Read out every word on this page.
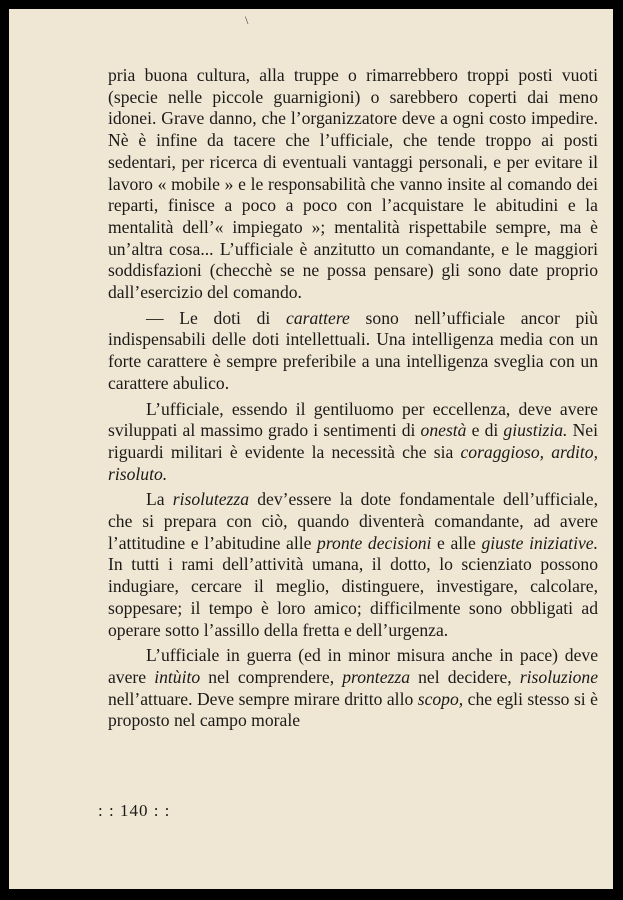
\

pria buona cultura, alla truppe o rimarrebbero troppi posti vuoti (specie nelle piccole guarnigioni) o sarebbero coperti dai meno idonei. Grave danno, che l’organizzatore deve a ogni costo impedire. Nè è infine da tacere che l’ufficiale, che tende troppo ai posti sedentari, per ricerca di eventuali vantaggi personali, e per evitare il lavoro « mobile » e le responsabilità che vanno insite al comando dei reparti, finisce a poco a poco con l’acquistare le abitudini e la mentalità dell’« impiegato »; mentalità rispettabile sempre, ma è un’altra cosa... L’ufficiale è anzitutto un comandante, e le maggiori soddisfazioni (checchè se ne possa pensare) gli sono date proprio dall’esercizio del comando.

— Le doti di carattere sono nell’ufficiale ancor più indispensabili delle doti intellettuali. Una intelligenza media con un forte carattere è sempre preferibile a una intelligenza sveglia con un carattere abulico.

L’ufficiale, essendo il gentiluomo per eccellenza, deve avere sviluppati al massimo grado i sentimenti di onestà e di giustizia. Nei riguardi militari è evidente la necessità che sia coraggioso, ardito, risoluto.

La risolutezza dev’essere la dote fondamentale dell’ufficiale, che si prepara con ciò, quando diventerà comandante, ad avere l’attitudine e l’abitudine alle pronte decisioni e alle giuste iniziative. In tutti i rami dell’attività umana, il dotto, lo scienziato possono indugiare, cercare il meglio, distinguere, investigare, calcolare, soppesare; il tempo è loro amico; difficilmente sono obbligati ad operare sotto l’assillo della fretta e dell’urgenza.

L’ufficiale in guerra (ed in minor misura anche in pace) deve avere intùito nel comprendere, prontezza nel decidere, risoluzione nell’attuare. Deve sempre mirare dritto allo scopo, che egli stesso si è proposto nel campo morale

: : 140 : :
